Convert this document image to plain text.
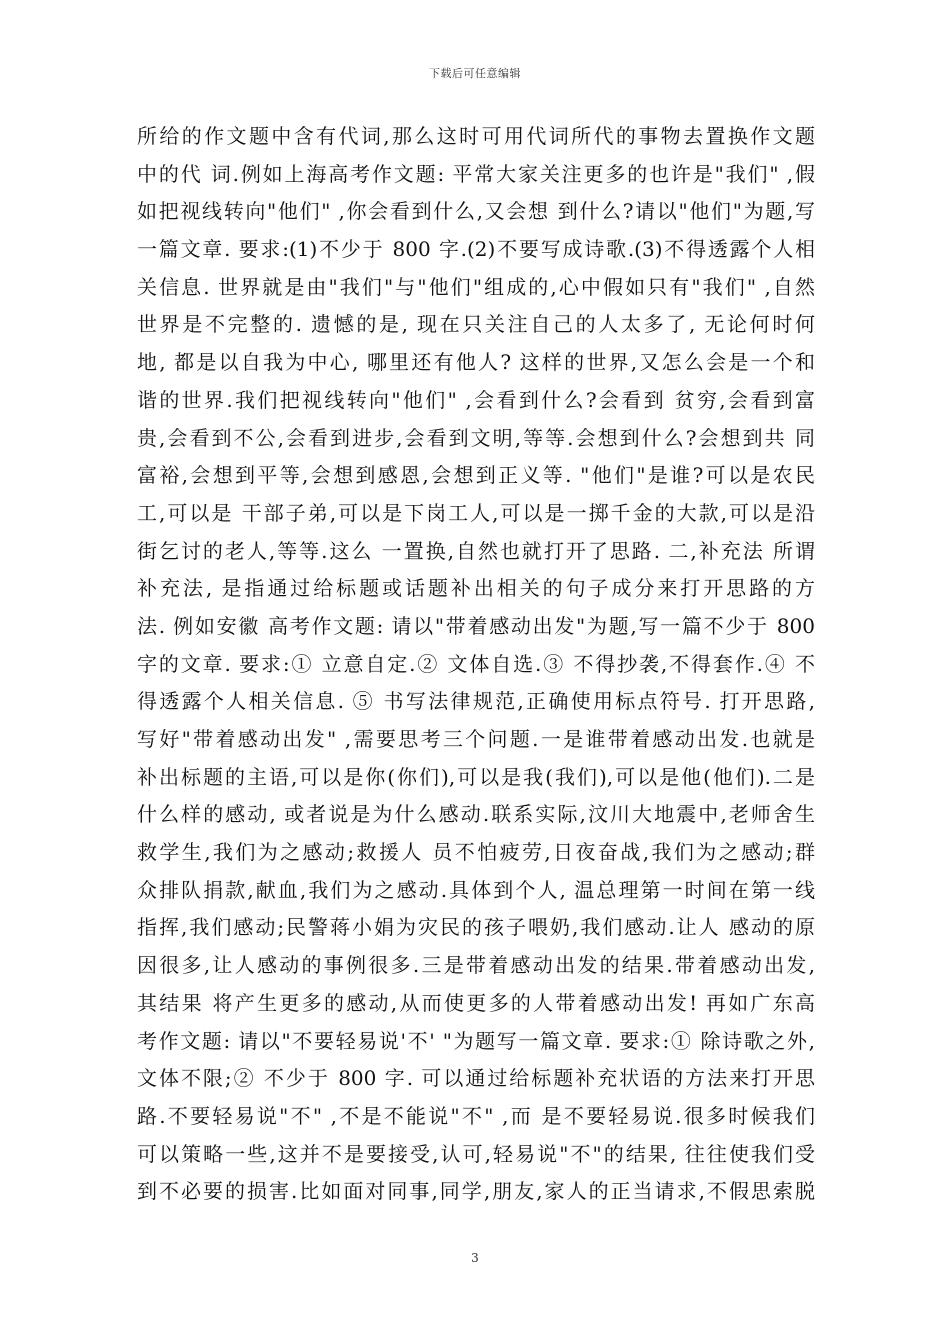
下载后可任意编辑
所给的作文题中含有代词,那么这时可用代词所代的事物去置换作文题
中的代 词.例如上海高考作文题: 平常大家关注更多的也许是"我们" ,假
如把视线转向"他们" ,你会看到什么,又会想 到什么?请以"他们"为题,写
一篇文章. 要求:(1)不少于 800 字.(2)不要写成诗歌.(3)不得透露个人相
关信息. 世界就是由"我们"与"他们"组成的,心中假如只有"我们" ,自然
世界是不完整的. 遗憾的是, 现在只关注自己的人太多了, 无论何时何
地, 都是以自我为中心, 哪里还有他人? 这样的世界,又怎么会是一个和
谐的世界.我们把视线转向"他们" ,会看到什么?会看到 贫穷,会看到富
贵,会看到不公,会看到进步,会看到文明,等等.会想到什么?会想到共 同
富裕,会想到平等,会想到感恩,会想到正义等. "他们"是谁?可以是农民
工,可以是 干部子弟,可以是下岗工人,可以是一掷千金的大款,可以是沿
街乞讨的老人,等等.这么 一置换,自然也就打开了思路. 二,补充法 所谓
补充法, 是指通过给标题或话题补出相关的句子成分来打开思路的方
法. 例如安徽 高考作文题: 请以"带着感动出发"为题,写一篇不少于 800
字的文章. 要求:① 立意自定.② 文体自选.③ 不得抄袭,不得套作.④ 不
得透露个人相关信息. ⑤ 书写法律规范,正确使用标点符号. 打开思路,
写好"带着感动出发" ,需要思考三个问题.一是谁带着感动出发.也就是
补出标题的主语,可以是你(你们),可以是我(我们),可以是他(他们).二是
什么样的感动, 或者说是为什么感动.联系实际,汶川大地震中,老师舍生
救学生,我们为之感动;救援人 员不怕疲劳,日夜奋战,我们为之感动;群
众排队捐款,献血,我们为之感动.具体到个人, 温总理第一时间在第一线
指挥,我们感动;民警蒋小娟为灾民的孩子喂奶,我们感动.让人 感动的原
因很多,让人感动的事例很多.三是带着感动出发的结果.带着感动出发,
其结果 将产生更多的感动,从而使更多的人带着感动出发! 再如广东高
考作文题: 请以"不要轻易说'不' "为题写一篇文章. 要求:① 除诗歌之外,
文体不限;② 不少于 800 字. 可以通过给标题补充状语的方法来打开思
路.不要轻易说"不" ,不是不能说"不" ,而 是不要轻易说.很多时候我们
可以策略一些,这并不是要接受,认可,轻易说"不"的结果, 往往使我们受
到不必要的损害.比如面对同事,同学,朋友,家人的正当请求,不假思索脱
3
